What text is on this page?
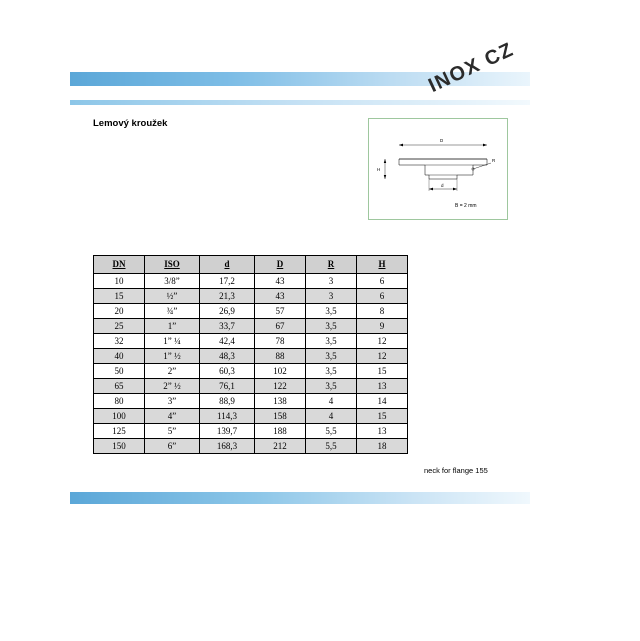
INOX CZ
Lemový kroužek
D
H
R
d
B = 2 mm
DN	ISO	d	D	R	H
10	3/8”	17,2	43	3	6
15	½”	21,3	43	3	6
20	¾”	26,9	57	3,5	8
25	1”	33,7	67	3,5	9
32	1” ¼	42,4	78	3,5	12
40	1” ½	48,3	88	3,5	12
50	2”	60,3	102	3,5	15
65	2” ½	76,1	122	3,5	13
80	3”	88,9	138	4	14
100	4”	114,3	158	4	15
125	5”	139,7	188	5,5	13
150	6”	168,3	212	5,5	18
neck for flange 155
